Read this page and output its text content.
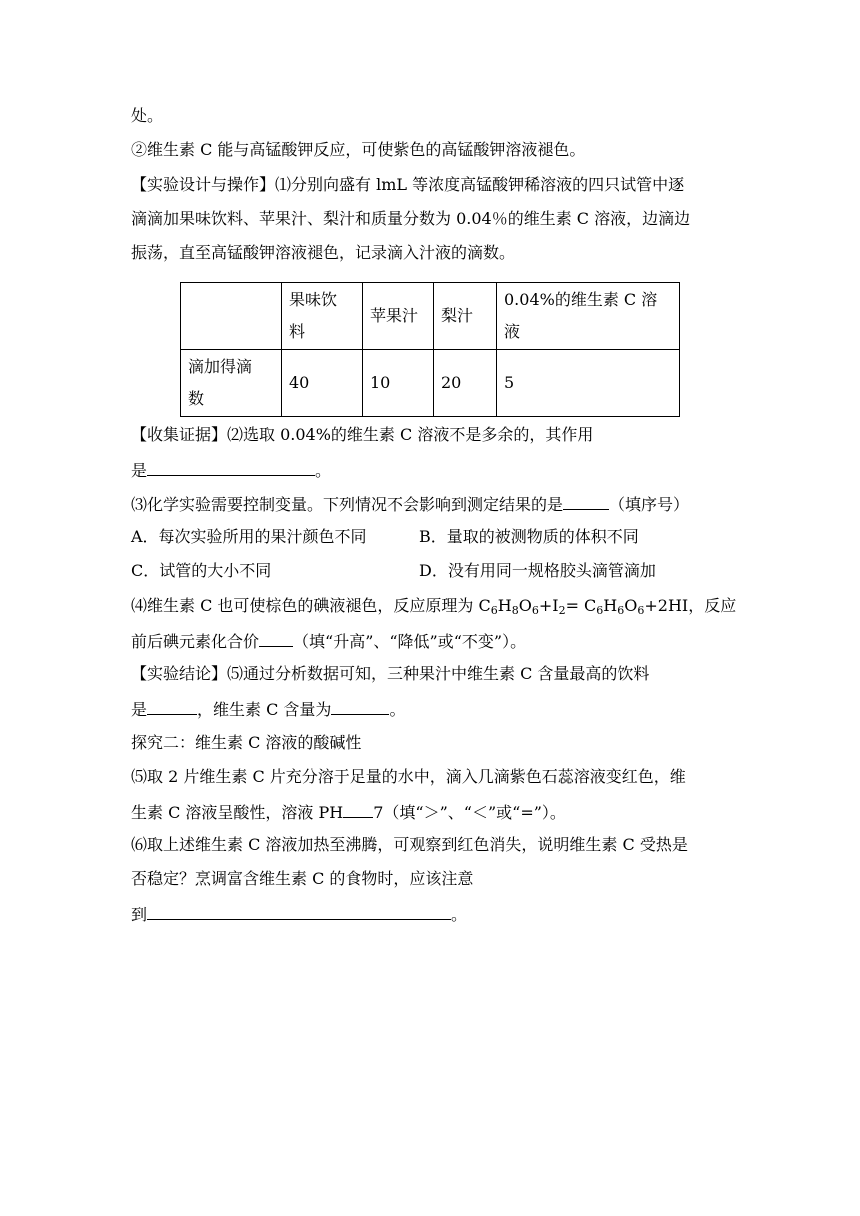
处。
②维生素 C 能与高锰酸钾反应，可使紫色的高锰酸钾溶液褪色。
【实验设计与操作】⑴分别向盛有 lmL 等浓度高锰酸钾稀溶液的四只试管中逐
滴滴加果味饮料、苹果汁、梨汁和质量分数为 0.04％的维生素 C 溶液，边滴边
振荡，直至高锰酸钾溶液褪色，记录滴入汁液的滴数。

	果味饮
料	苹果汁	梨汁	0.04%的维生素 C 溶液

滴加得滴
数	40	10	20	5
【收集证据】⑵选取 0.04%的维生素 C 溶液不是多余的，其作用
是	。
⑶化学实验需要控制变量。下列情况不会影响到测定结果的是	（填序号）
A．每次实验所用的果汁颜色不同	B．量取的被测物质的体积不同
C．试管的大小不同	D．没有用同一规格胶头滴管滴加
⑷维生素 C 也可使棕色的碘液褪色，反应原理为 $C_6H_8O_6+I_2= C_6H_6O_6+2HI$，反应
前后碘元素化合价 （填“升高”、“降低”或“不变”）。
【实验结论】⑸通过分析数据可知，三种果汁中维生素 C 含量最高的饮料
是	，维生素 C 含量为	。
探究二：维生素 C 溶液的酸碱性
⑸取 2 片维生素 C 片充分溶于足量的水中，滴入几滴紫色石蕊溶液变红色，维
生素 C 溶液呈酸性，溶液 PH 7（填“＞”、“＜”或“=”）。
⑹取上述维生素 C 溶液加热至沸腾，可观察到红色消失，说明维生素 C 受热是
否稳定？烹调富含维生素 C 的食物时，应该注意
到	。
